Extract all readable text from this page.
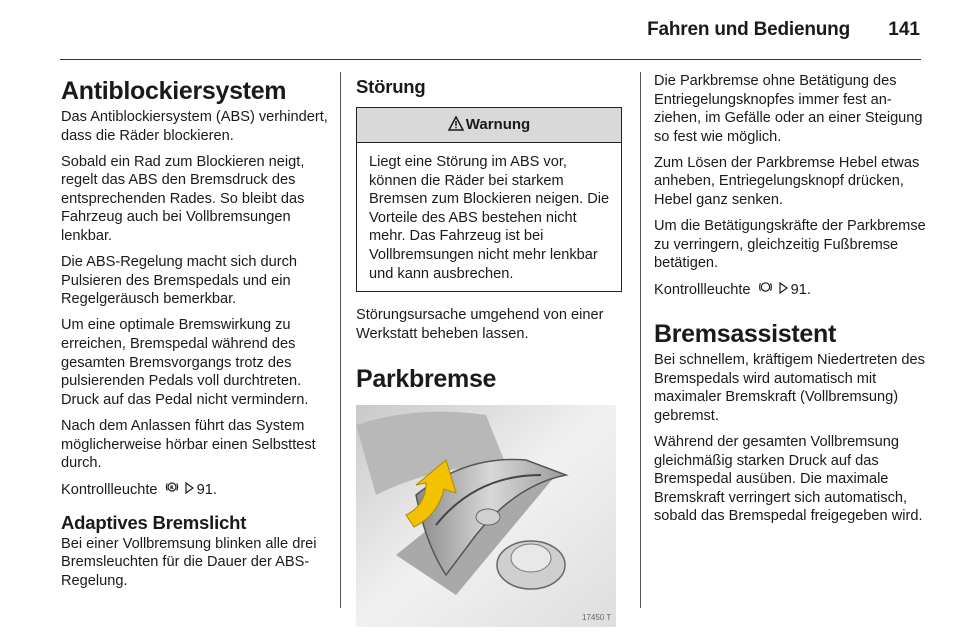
Fahren und Bedienung 141
Antiblockiersystem

Das Antiblockiersystem (ABS) verhindert, dass die Räder blockieren.

Sobald ein Rad zum Blockieren neigt, regelt das ABS den Bremsdruck des entsprechenden Rades. So bleibt das Fahrzeug auch bei Vollbremsungen lenkbar.

Die ABS-Regelung macht sich durch Pulsieren des Bremspedals und ein Regelgeräusch bemerkbar.

Um eine optimale Bremswirkung zu erreichen, Bremspedal während des gesamten Bremsvorgangs trotz des pulsierenden Pedals voll durchtreten. Druck auf das Pedal nicht vermindern.

Nach dem Anlassen führt das System möglicherweise hörbar einen Selbsttest durch.

Kontrollleuchte	91.

Adaptives Bremslicht

Bei einer Vollbremsung blinken alle drei Bremsleuchten für die Dauer der ABS-Regelung.

Störung
Warnung
Liegt eine Störung im ABS vor, können die Räder bei starkem Bremsen zum Blockieren neigen. Die Vorteile des ABS bestehen nicht mehr. Das Fahrzeug ist bei Vollbremsungen nicht mehr lenkbar und kann ausbrechen.

Störungsursache umgehend von einer Werkstatt beheben lassen.

Parkbremse
17450 T

Die Parkbremse ohne Betätigung des Entriegelungsknopfes immer fest anziehen, im Gefälle oder an einer Steigung so fest wie möglich.

Zum Lösen der Parkbremse Hebel etwas anheben, Entriegelungsknopf drücken, Hebel ganz senken.

Um die Betätigungskräfte der Parkbremse zu verringern, gleichzeitig Fußbremse betätigen.

Kontrollleuchte	91.

Bremsassistent

Bei schnellem, kräftigem Niedertreten des Bremspedals wird automatisch mit maximaler Bremskraft (Vollbremsung) gebremst.

Während der gesamten Vollbremsung gleichmäßig starken Druck auf das Bremspedal ausüben. Die maximale Bremskraft verringert sich automatisch, sobald das Bremspedal freigegeben wird.
